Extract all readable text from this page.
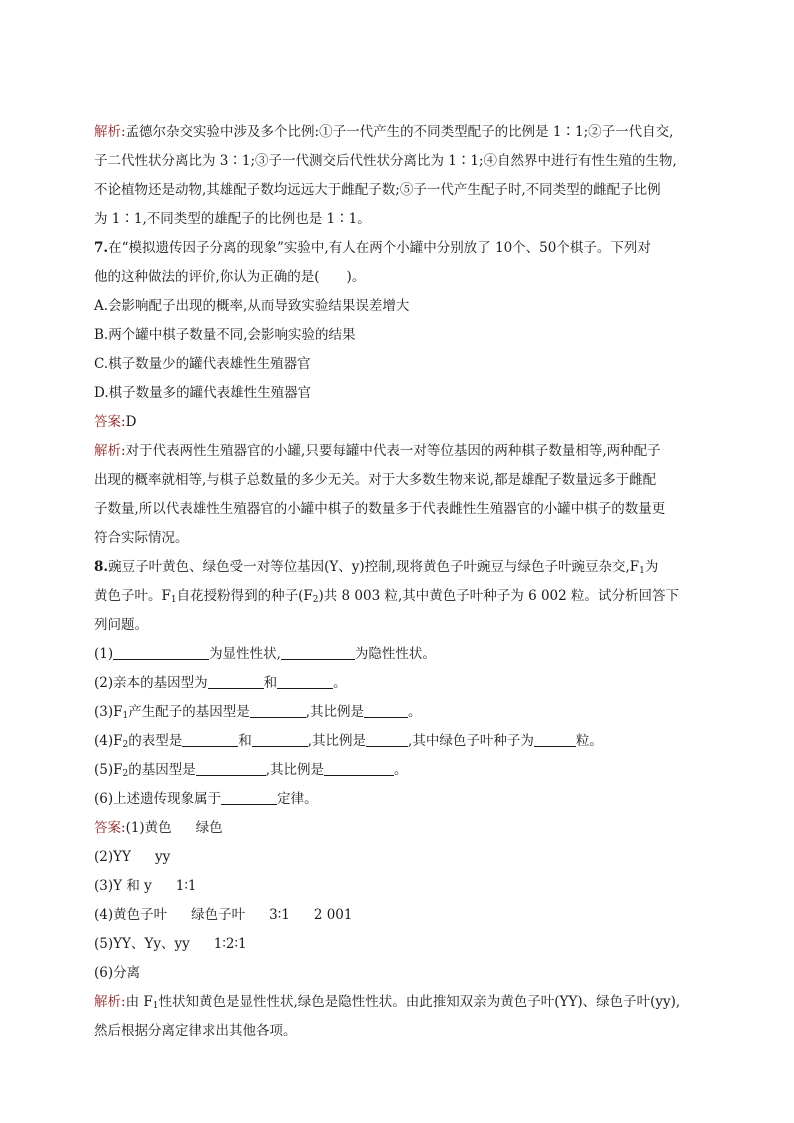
解析:孟德尔杂交实验中涉及多个比例:①子一代产生的不同类型配子的比例是 1∶1;②子一代自交,
子二代性状分离比为 3∶1;③子一代测交后代性状分离比为 1∶1;④自然界中进行有性生殖的生物,
不论植物还是动物,其雄配子数均远远大于雌配子数;⑤子一代产生配子时,不同类型的雌配子比例
为 1∶1,不同类型的雄配子的比例也是 1∶1。
7.在“模拟遗传因子分离的现象”实验中,有人在两个小罐中分别放了 10个、50个棋子。下列对
他的这种做法的评价,你认为正确的是(　　)。
A.会影响配子出现的概率,从而导致实验结果误差增大
B.两个罐中棋子数量不同,会影响实验的结果
C.棋子数量少的罐代表雄性生殖器官
D.棋子数量多的罐代表雄性生殖器官
答案:D
解析:对于代表两性生殖器官的小罐,只要每罐中代表一对等位基因的两种棋子数量相等,两种配子
出现的概率就相等,与棋子总数量的多少无关。对于大多数生物来说,都是雄配子数量远多于雌配
子数量,所以代表雄性生殖器官的小罐中棋子的数量多于代表雌性生殖器官的小罐中棋子的数量更
符合实际情况。
8.豌豆子叶黄色、绿色受一对等位基因(Y、y)控制,现将黄色子叶豌豆与绿色子叶豌豆杂交$,F_1$为
黄色子叶。$F_1$自花授粉得到的种子$(F_2)$共 8 003 粒,其中黄色子叶种子为 6 002 粒。试分析回答下
列问题。
(1)	为显性性状,	为隐性性状。
(2)亲本的基因型为	和	。
$(3)F_1$产生配子的基因型是	,其比例是	。
$(4)F_2$的表型是	和	,其比例是	,其中绿色子叶种子为	粒。
$(5)F_2$的基因型是	,其比例是	。
(6)上述遗传现象属于	定律。
答案:(1)黄色 绿色
(2)YY yy
(3)Y 和 y 1∶1
(4)黄色子叶 绿色子叶 3∶1 2 001
(5)YY、Yy、yy 1∶2∶1
(6)分离
解析:由 $F_1$性状知黄色是显性性状,绿色是隐性性状。由此推知双亲为黄色子叶(YY)、绿色子叶(yy),
然后根据分离定律求出其他各项。
